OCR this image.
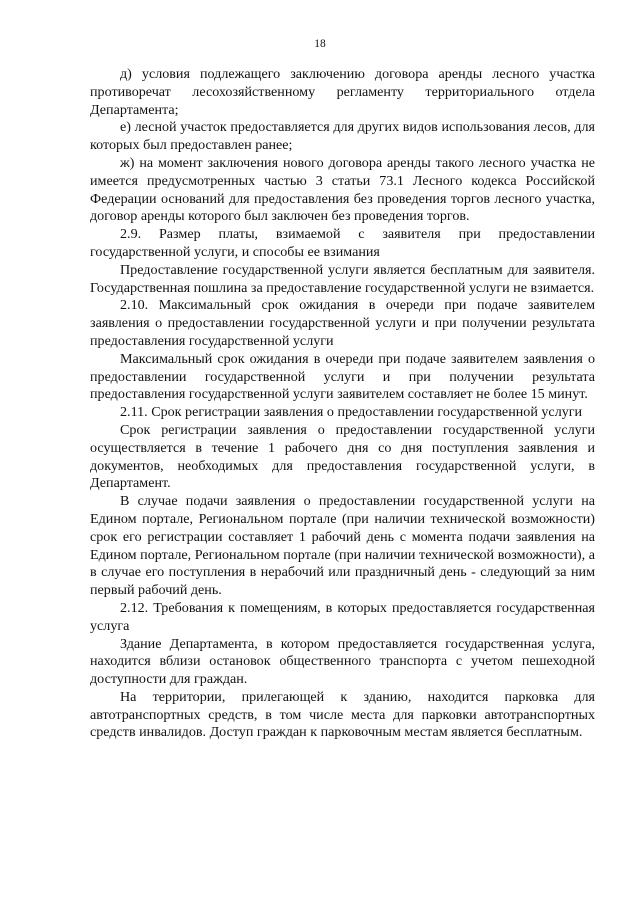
18

д) условия подлежащего заключению договора аренды лесного участка противоречат лесохозяйственному регламенту территориального отдела Департамента;

е) лесной участок предоставляется для других видов использования лесов, для которых был предоставлен ранее;

ж) на момент заключения нового договора аренды такого лесного участка не имеется предусмотренных частью 3 статьи 73.1 Лесного кодекса Российской Федерации оснований для предоставления без проведения торгов лесного участка, договор аренды которого был заключен без проведения торгов.

2.9. Размер платы, взимаемой с заявителя при предоставлении государственной услуги, и способы ее взимания

Предоставление государственной услуги является бесплатным для заявителя. Государственная пошлина за предоставление государственной услуги не взимается.

2.10. Максимальный срок ожидания в очереди при подаче заявителем заявления о предоставлении государственной услуги и при получении результата предоставления государственной услуги

Максимальный срок ожидания в очереди при подаче заявителем заявления о предоставлении государственной услуги и при получении результата предоставления государственной услуги заявителем составляет не более 15 минут.

2.11. Срок регистрации заявления о предоставлении государственной услуги

Срок регистрации заявления о предоставлении государственной услуги осуществляется в течение 1 рабочего дня со дня поступления заявления и документов, необходимых для предоставления государственной услуги, в Департамент.

В случае подачи заявления о предоставлении государственной услуги на Едином портале, Региональном портале (при наличии технической возможности) срок его регистрации составляет 1 рабочий день с момента подачи заявления на Едином портале, Региональном портале (при наличии технической возможности), а в случае его поступления в нерабочий или праздничный день - следующий за ним первый рабочий день.

2.12. Требования к помещениям, в которых предоставляется государственная услуга

Здание Департамента, в котором предоставляется государственная услуга, находится вблизи остановок общественного транспорта с учетом пешеходной доступности для граждан.

На территории, прилегающей к зданию, находится парковка для автотранспортных средств, в том числе места для парковки автотранспортных средств инвалидов. Доступ граждан к парковочным местам является бесплатным.
